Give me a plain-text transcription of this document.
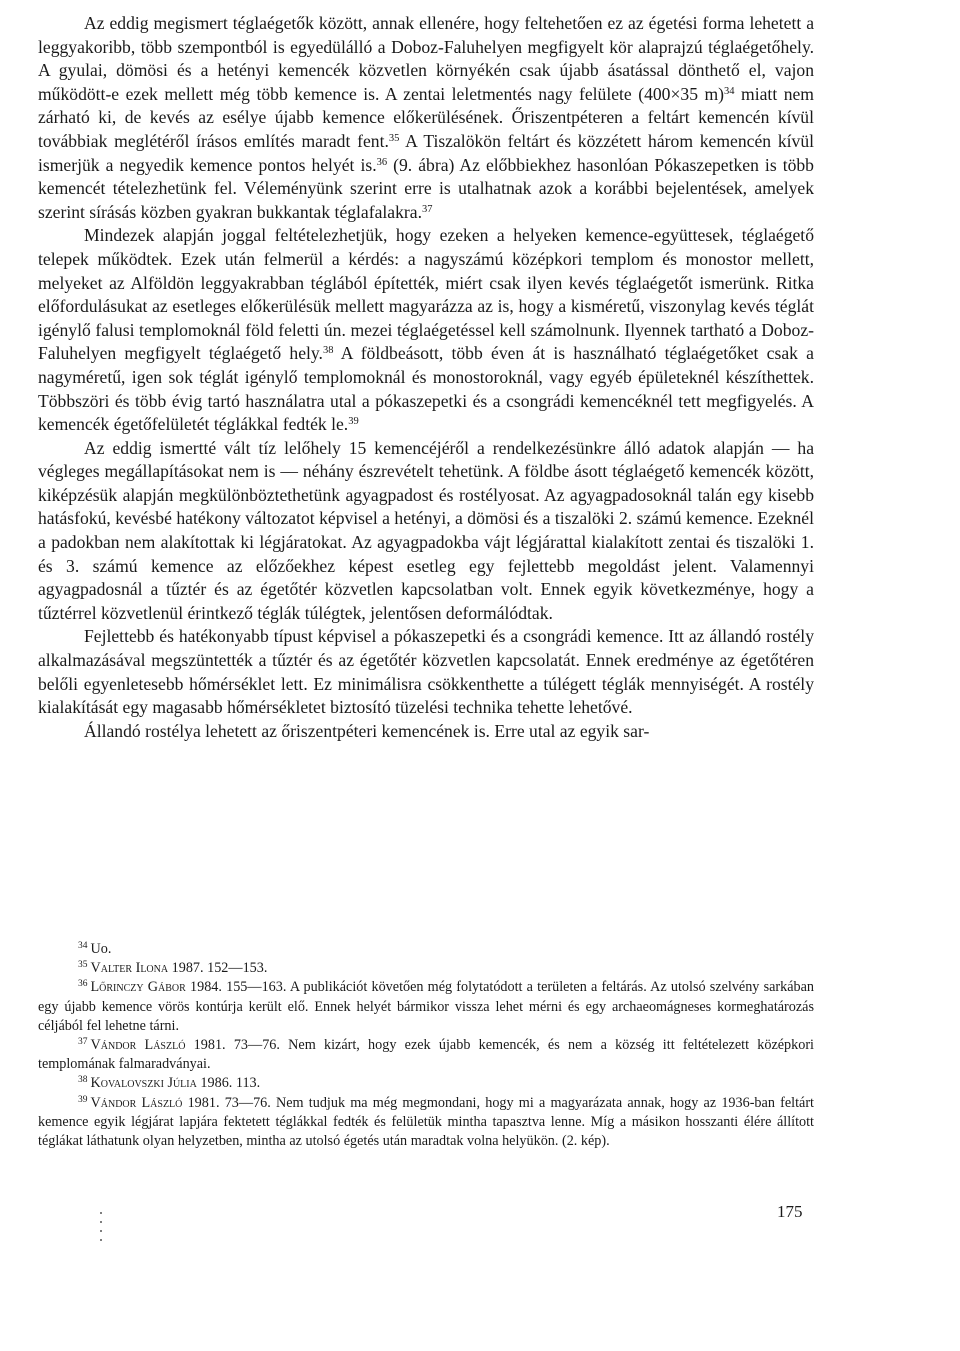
Az eddig megismert téglaégetők között, annak ellenére, hogy feltehetően ez az égetési forma lehetett a leggyakoribb, több szempontból is egyedülálló a Doboz-Faluhelyen megfigyelt kör alaprajzú téglaégetőhely. A gyulai, dömösi és a hetényi kemencék közvetlen környékén csak újabb ásatással dönthető el, vajon működött-e ezek mellett még több kemence is. A zentai leletmentés nagy felülete (400×35 m)$^{34}$ miatt nem zárható ki, de kevés az esélye újabb kemence előkerülésének. Őriszentpéteren a feltárt kemencén kívül továbbiak meglétéről írásos említés maradt fent.$^{35}$ A Tiszalökön feltárt és közzétett három kemencén kívül ismerjük a negyedik kemence pontos helyét is.$^{36}$ (9. ábra) Az előbbiekhez hasonlóan Pókaszepetken is több kemencét tételezhetünk fel. Véleményünk szerint erre is utalhatnak azok a korábbi bejelentések, amelyek szerint sírásás közben gyakran bukkantak téglafalakra.$^{37}$

Mindezek alapján joggal feltételezhetjük, hogy ezeken a helyeken kemence-együttesek, téglaégető telepek működtek. Ezek után felmerül a kérdés: a nagyszámú középkori templom és monostor mellett, melyeket az Alföldön leggyakrabban téglából építették, miért csak ilyen kevés téglaégetőt ismerünk. Ritka előfordulásukat az esetleges előkerülésük mellett magyarázza az is, hogy a kisméretű, viszonylag kevés téglát igénylő falusi templomoknál föld feletti ún. mezei téglaégetéssel kell számolnunk. Ilyennek tartható a Doboz-Faluhelyen megfigyelt téglaégető hely.$^{38}$ A földbeásott, több éven át is használható téglaégetőket csak a nagyméretű, igen sok téglát igénylő templomoknál és monostoroknál, vagy egyéb épületeknél készíthettek. Többszöri és több évig tartó használatra utal a pókaszepetki és a csongrádi kemencéknél tett megfigyelés. A kemencék égetőfelületét téglákkal fedték le.$^{39}$

Az eddig ismertté vált tíz lelőhely 15 kemencéjéről a rendelkezésünkre álló adatok alapján — ha végleges megállapításokat nem is — néhány észrevételt tehetünk. A földbe ásott téglaégető kemencék között, kiképzésük alapján megkülönböztethetünk agyagpadost és rostélyosat. Az agyagpadosoknál talán egy kisebb hatásfokú, kevésbé hatékony változatot képvisel a hetényi, a dömösi és a tiszalöki 2. számú kemence. Ezeknél a padokban nem alakítottak ki légjáratokat. Az agyagpadokba vájt légjárattal kialakított zentai és tiszalöki 1. és 3. számú kemence az előzőekhez képest esetleg egy fejlettebb megoldást jelent. Valamennyi agyagpadosnál a tűztér és az égetőtér közvetlen kapcsolatban volt. Ennek egyik következménye, hogy a tűztérrel közvetlenül érintkező téglák túlégtek, jelentősen deformálódtak.

Fejlettebb és hatékonyabb típust képvisel a pókaszepetki és a csongrádi kemence. Itt az állandó rostély alkalmazásával megszüntették a tűztér és az égetőtér közvetlen kapcsolatát. Ennek eredménye az égetőtéren belőli egyenletesebb hőmérséklet lett. Ez minimálisra csökkenthette a túlégett téglák mennyiségét. A rostély kialakítását egy magasabb hőmérsékletet biztosító tüzelési technika tehette lehetővé.

Állandó rostélya lehetett az őriszentpéteri kemencének is. Erre utal az egyik sar-

$^{34}$ Uo.

$^{35}$ Valter Ilona 1987. 152—153.

$^{36}$ Lőrinczy Gábor 1984. 155—163. A publikációt követően még folytatódott a területen a feltárás. Az utolsó szelvény sarkában egy újabb kemence vörös kontúrja került elő. Ennek helyét bármikor vissza lehet mérni és egy archaeomágneses kormeghatározás céljából fel lehetne tárni.

$^{37}$ Vándor László 1981. 73—76. Nem kizárt, hogy ezek újabb kemencék, és nem a község itt feltételezett középkori templomának falmaradványai.

$^{38}$ Kovalovszki Júlia 1986. 113.

$^{39}$ Vándor László 1981. 73—76. Nem tudjuk ma még megmondani, hogy mi a magyarázata annak, hogy az 1936-ban feltárt kemence egyik légjárat lapjára fektetett téglákkal fedték és felületük mintha tapasztva lenne. Míg a másikon hosszanti élére állított téglákat láthatunk olyan helyzetben, mintha az utolsó égetés után maradtak volna helyükön. (2. kép).

175
